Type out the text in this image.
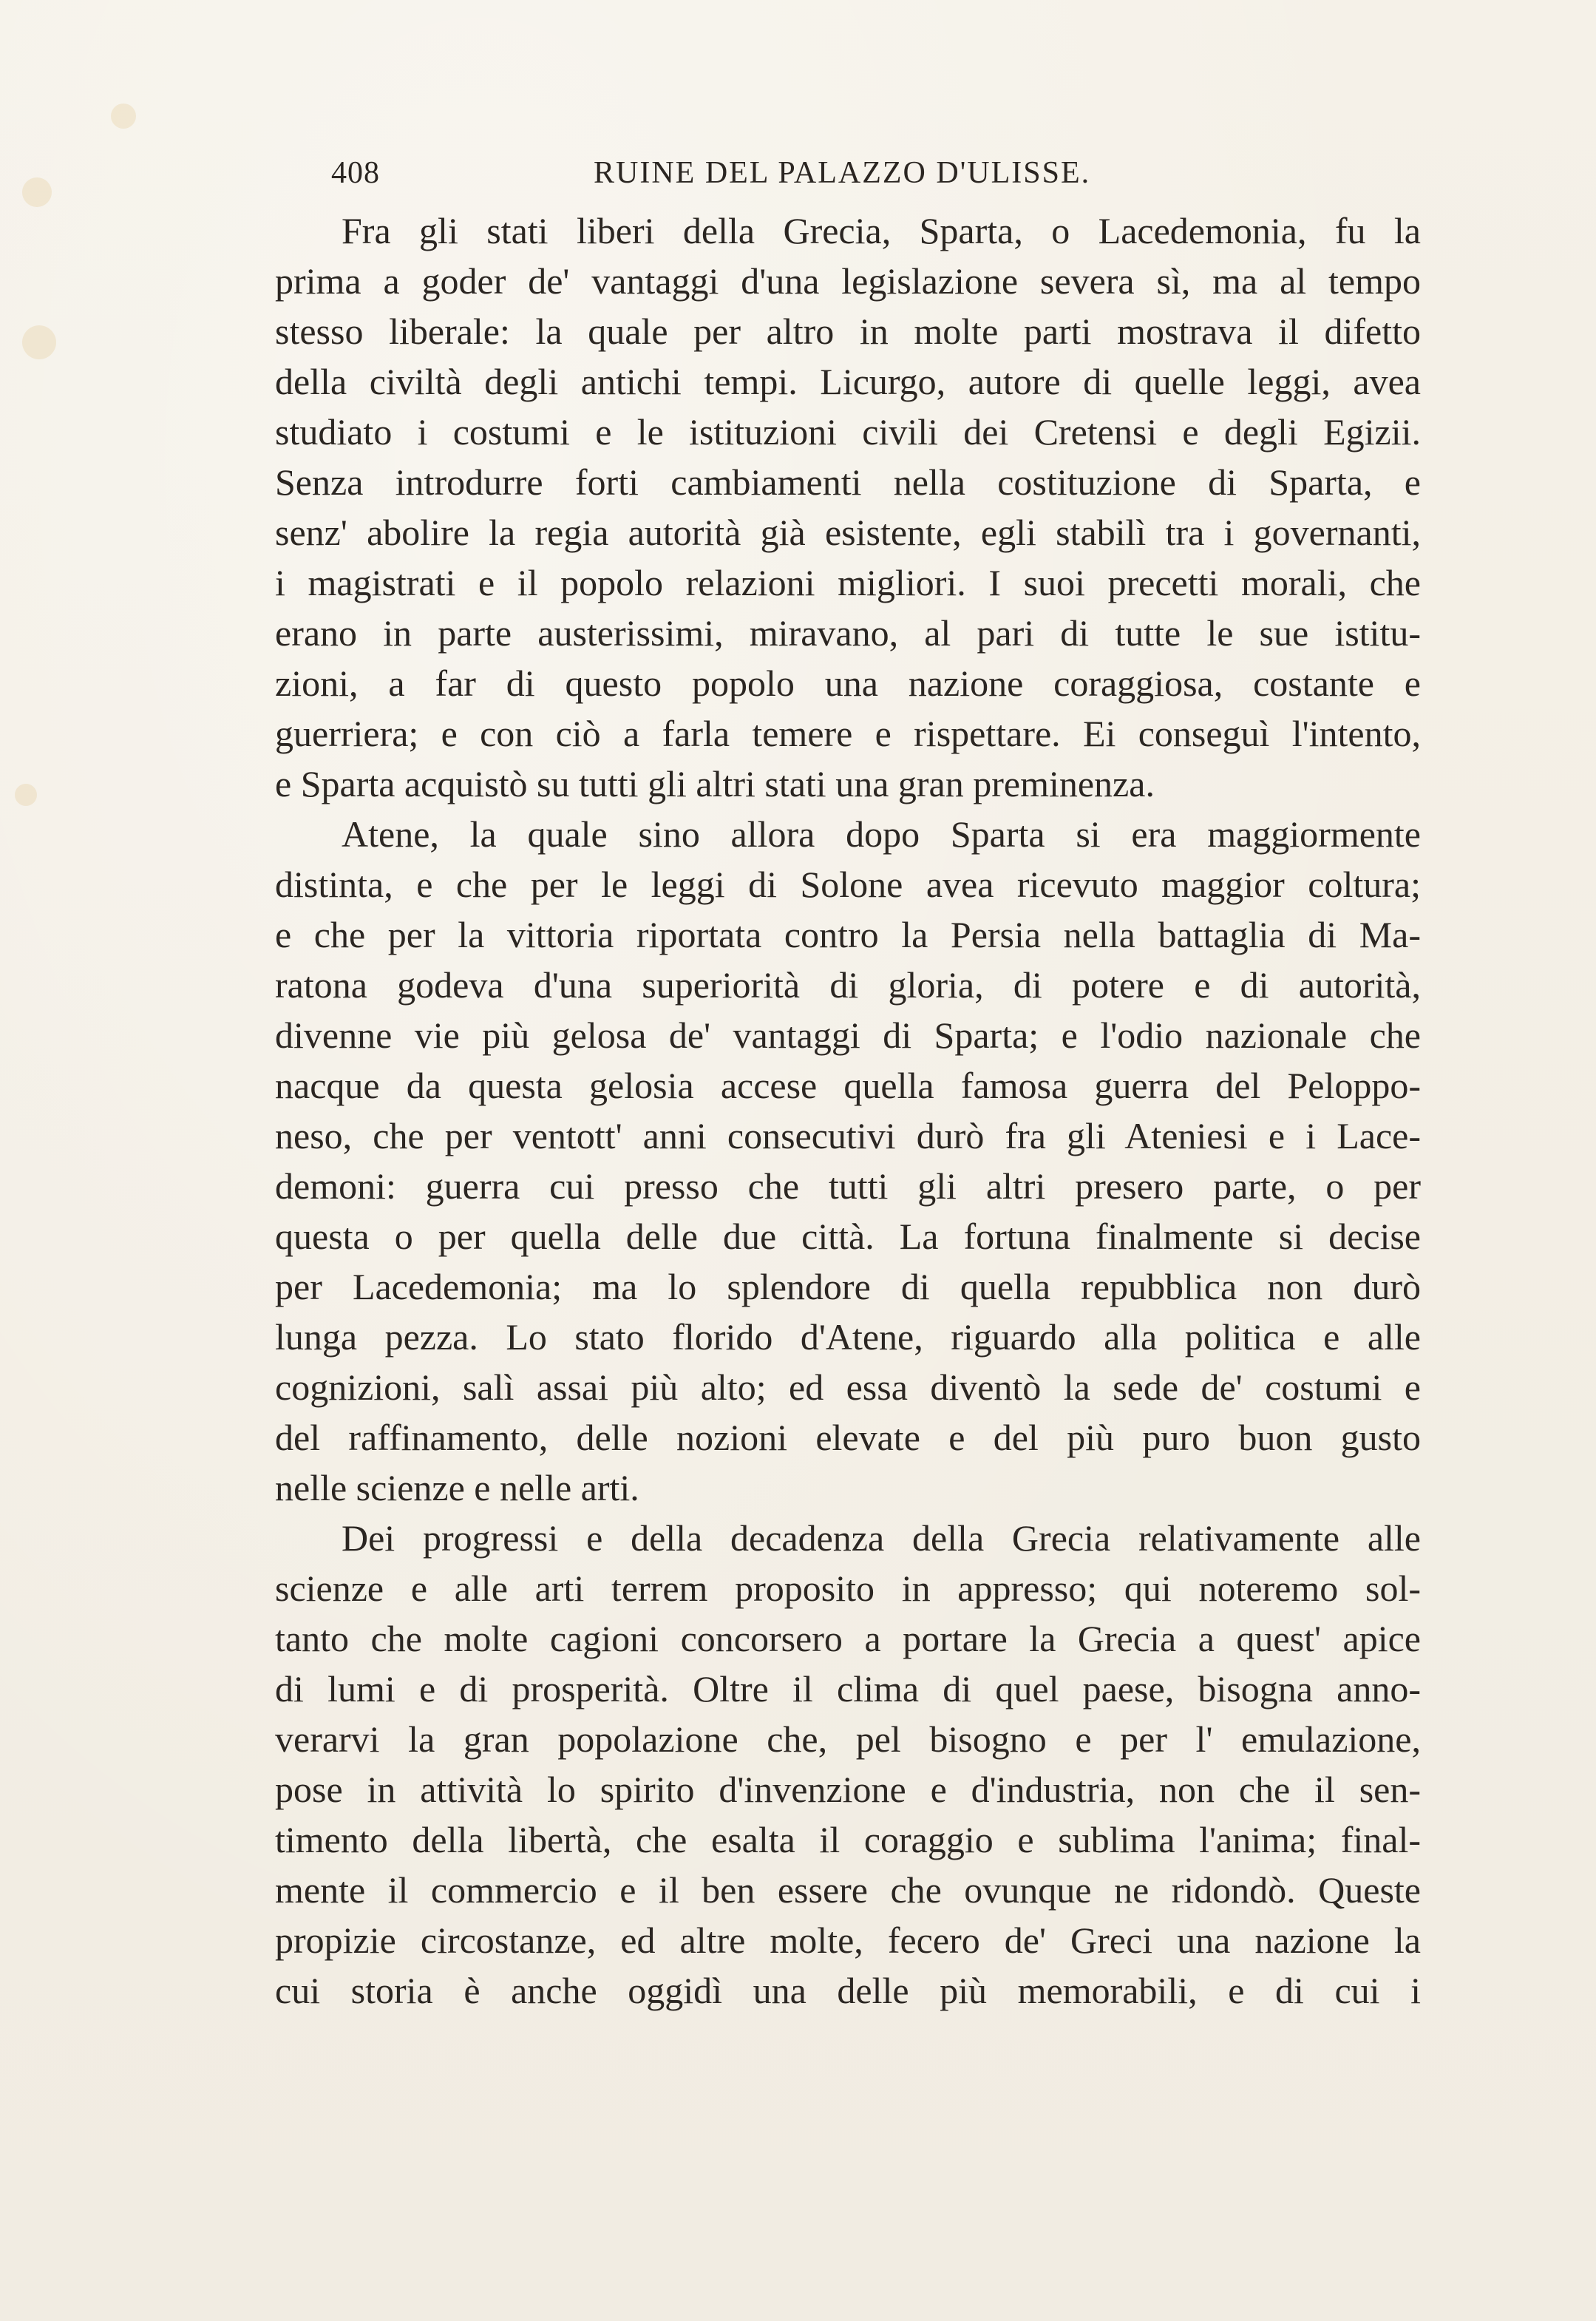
408	RUINE DEL PALAZZO D'ULISSE.
Fra gli stati liberi della Grecia, Sparta, o Lacedemonia, fu la
prima a goder de' vantaggi d'una legislazione severa sì, ma al tempo
stesso liberale: la quale per altro in molte parti mostrava il difetto
della civiltà degli antichi tempi. Licurgo, autore di quelle leggi, avea
studiato i costumi e le istituzioni civili dei Cretensi e degli Egizii.
Senza introdurre forti cambiamenti nella costituzione di Sparta, e
senz' abolire la regia autorità già esistente, egli stabilì tra i governanti,
i magistrati e il popolo relazioni migliori. I suoi precetti morali, che
erano in parte austerissimi, miravano, al pari di tutte le sue istitu-
zioni, a far di questo popolo una nazione coraggiosa, costante e
guerriera; e con ciò a farla temere e rispettare. Ei conseguì l'intento,
e Sparta acquistò su tutti gli altri stati una gran preminenza.
Atene, la quale sino allora dopo Sparta si era maggiormente
distinta, e che per le leggi di Solone avea ricevuto maggior coltura;
e che per la vittoria riportata contro la Persia nella battaglia di Ma-
ratona godeva d'una superiorità di gloria, di potere e di autorità,
divenne vie più gelosa de' vantaggi di Sparta; e l'odio nazionale che
nacque da questa gelosia accese quella famosa guerra del Peloppo-
neso, che per ventott' anni consecutivi durò fra gli Ateniesi e i Lace-
demoni: guerra cui presso che tutti gli altri presero parte, o per
questa o per quella delle due città. La fortuna finalmente si decise
per Lacedemonia; ma lo splendore di quella repubblica non durò
lunga pezza. Lo stato florido d'Atene, riguardo alla politica e alle
cognizioni, salì assai più alto; ed essa diventò la sede de' costumi e
del raffinamento, delle nozioni elevate e del più puro buon gusto
nelle scienze e nelle arti.
Dei progressi e della decadenza della Grecia relativamente alle
scienze e alle arti terrem proposito in appresso; qui noteremo sol-
tanto che molte cagioni concorsero a portare la Grecia a quest' apice
di lumi e di prosperità. Oltre il clima di quel paese, bisogna anno-
verarvi la gran popolazione che, pel bisogno e per l' emulazione,
pose in attività lo spirito d'invenzione e d'industria, non che il sen-
timento della libertà, che esalta il coraggio e sublima l'anima; final-
mente il commercio e il ben essere che ovunque ne ridondò. Queste
propizie circostanze, ed altre molte, fecero de' Greci una nazione la
cui storia è anche oggidì una delle più memorabili, e di cui i
